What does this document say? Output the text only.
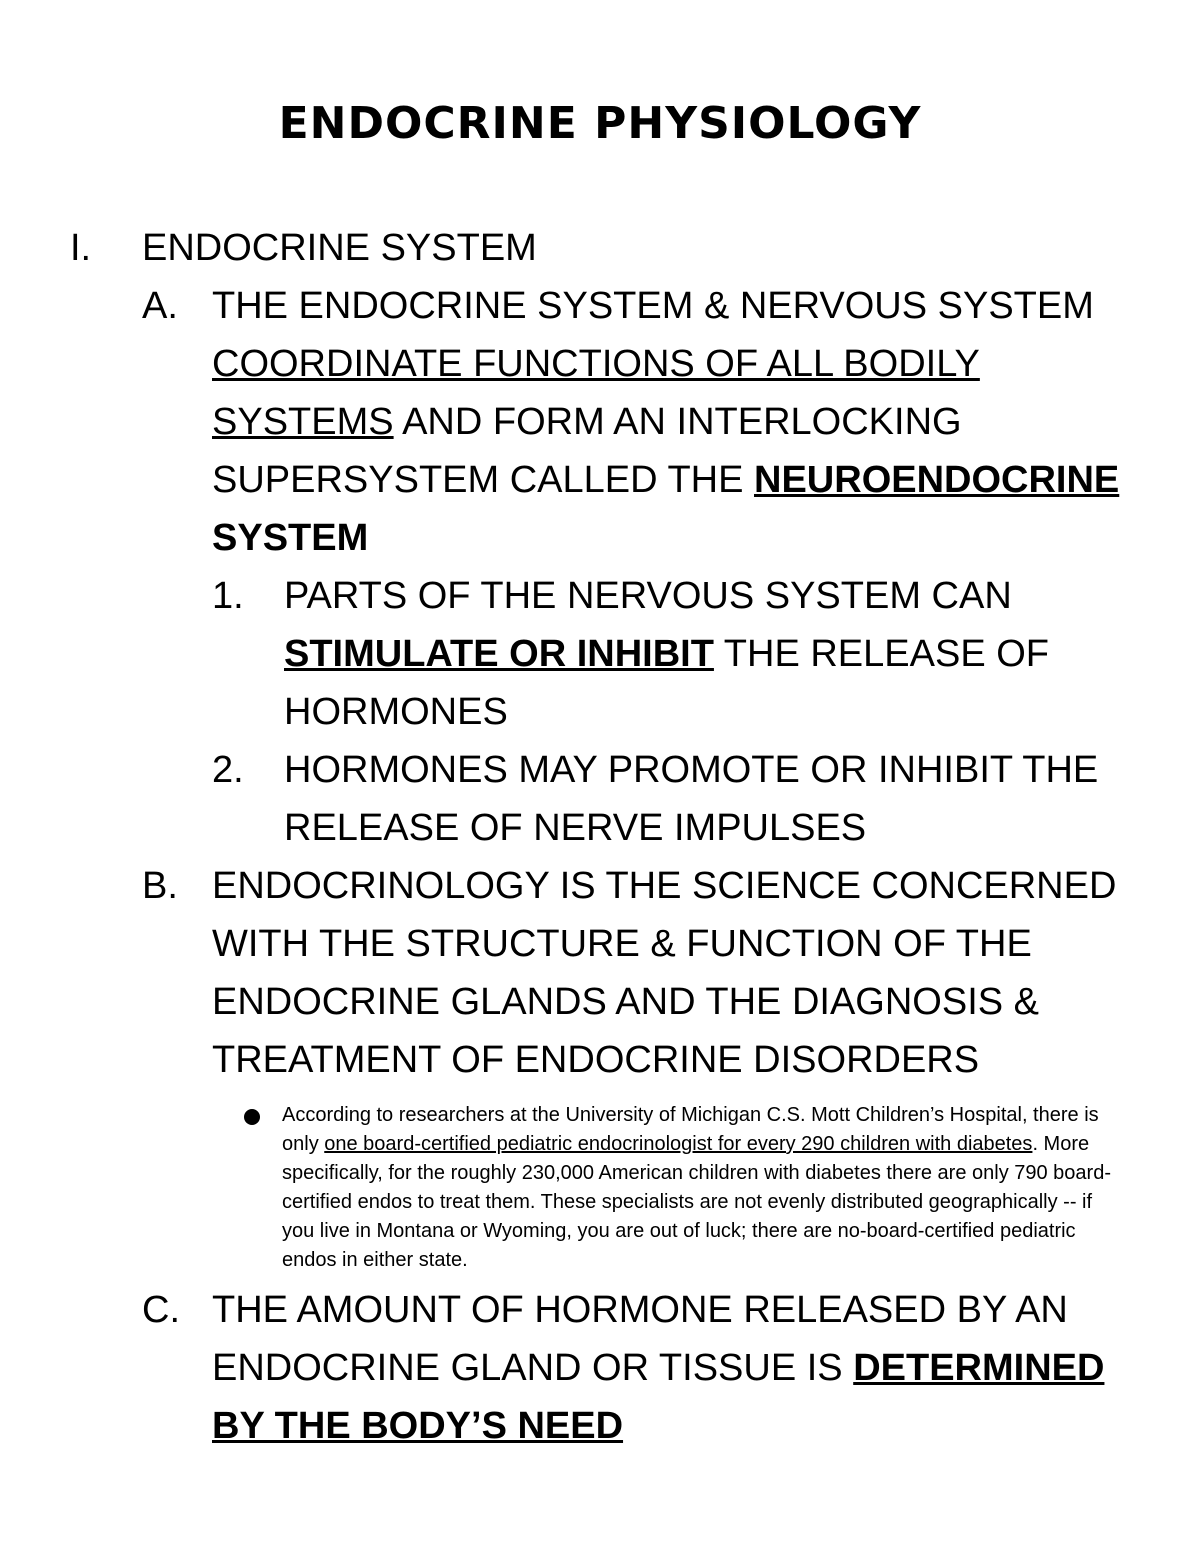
ENDOCRINE PHYSIOLOGY
I.	ENDOCRINE SYSTEM
A. THE ENDOCRINE SYSTEM & NERVOUS SYSTEM COORDINATE FUNCTIONS OF ALL BODILY SYSTEMS AND FORM AN INTERLOCKING SUPERSYSTEM CALLED THE NEUROENDOCRINE SYSTEM
1.	PARTS OF THE NERVOUS SYSTEM CAN STIMULATE OR INHIBIT THE RELEASE OF HORMONES
2.	HORMONES MAY PROMOTE OR INHIBIT THE RELEASE OF NERVE IMPULSES
B. ENDOCRINOLOGY IS THE SCIENCE CONCERNED WITH THE STRUCTURE & FUNCTION OF THE ENDOCRINE GLANDS AND THE DIAGNOSIS & TREATMENT OF ENDOCRINE DISORDERS
According to researchers at the University of Michigan C.S. Mott Children’s Hospital, there is only one board-certified pediatric endocrinologist for every 290 children with diabetes. More specifically, for the roughly 230,000 American children with diabetes there are only 790 board-certified endos to treat them. These specialists are not evenly distributed geographically -- if you live in Montana or Wyoming, you are out of luck; there are no-board-certified pediatric endos in either state.
C. THE AMOUNT OF HORMONE RELEASED BY AN ENDOCRINE GLAND OR TISSUE IS DETERMINED BY THE BODY’S NEED
